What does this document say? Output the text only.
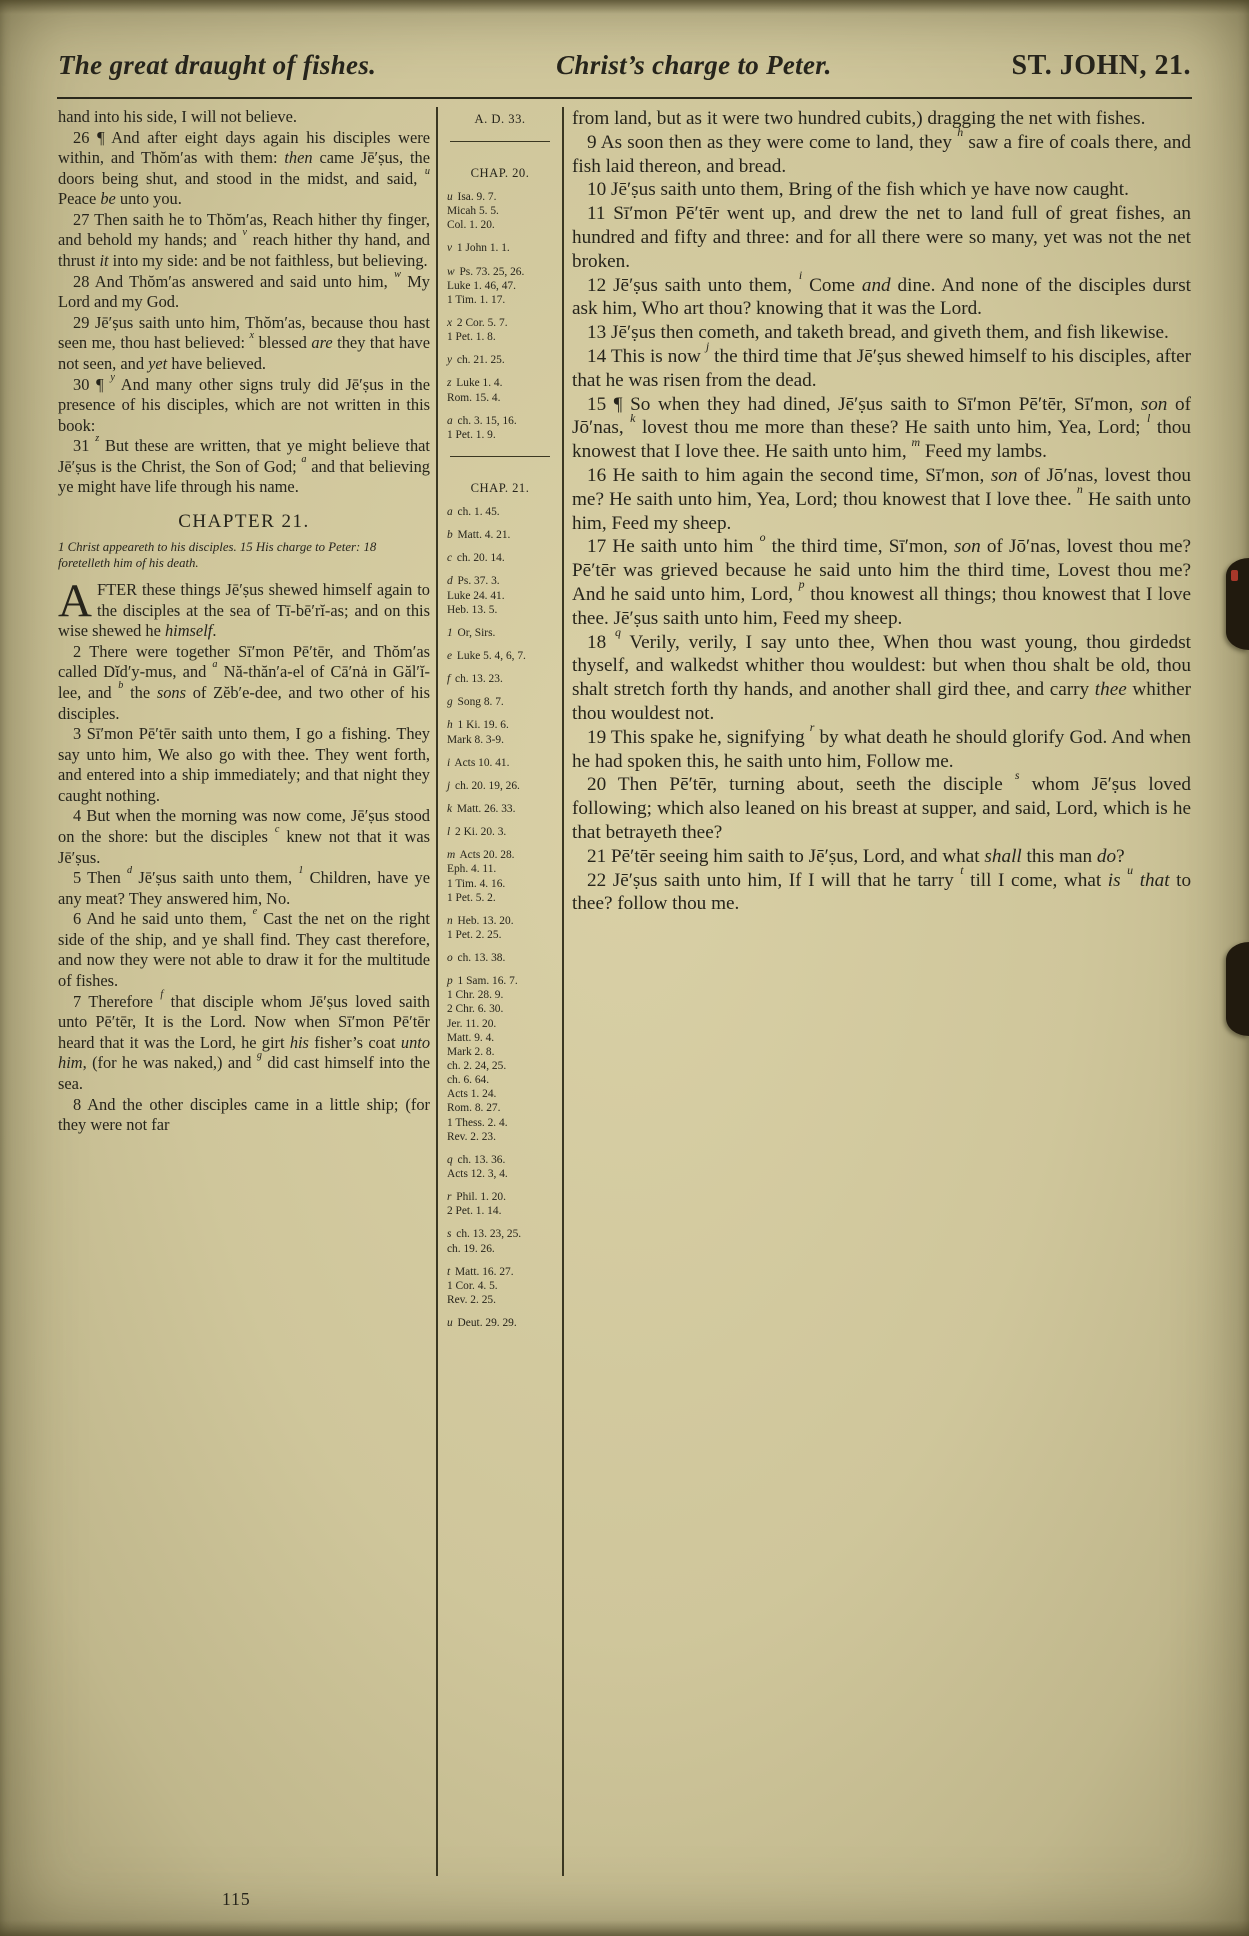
The great draught of fishes.	Christ’s charge to Peter.	ST. JOHN, 21.

hand into his side, I will not believe.

26 ¶ And after eight days again his disciples were within, and Thŏm′as with them: then came Jē′ṣus, the doors being shut, and stood in the midst, and said, $^u$ Peace be unto you.

27 Then saith he to Thŏm′as, Reach hither thy finger, and behold my hands; and $^v$ reach hither thy hand, and thrust it into my side: and be not faithless, but believing.

28 And Thŏm′as answered and said unto him, $^w$ My Lord and my God.

29 Jē′ṣus saith unto him, Thŏm′as, because thou hast seen me, thou hast believed: $^x$ blessed are they that have not seen, and yet have believed.

30 ¶ $^y$ And many other signs truly did Jē′ṣus in the presence of his disciples, which are not written in this book:

31 $^z$ But these are written, that ye might believe that Jē′ṣus is the Christ, the Son of God; $^a$ and that believing ye might have life through his name.

CHAPTER 21.

1 Christ appeareth to his disciples. 15 His charge to Peter: 18 foretelleth him of his death.

AFTER these things Jē′ṣus shewed himself again to the disciples at the sea of Tī-bē′rĭ-as; and on this wise shewed he himself.

2 There were together Sī′mon Pē′tēr, and Thŏm′as called Dĭd′y-mus, and $^a$ Nă-thăn′a-el of Cā′nȧ in Găl′ĭ-lee, and $^b$ the sons of Zĕb′e-dee, and two other of his disciples.

3 Sī′mon Pē′tēr saith unto them, I go a fishing. They say unto him, We also go with thee. They went forth, and entered into a ship immediately; and that night they caught nothing.

4 But when the morning was now come, Jē′ṣus stood on the shore: but the disciples $^c$ knew not that it was Jē′ṣus.

5 Then $^d$ Jē′ṣus saith unto them, $^1$ Children, have ye any meat? They answered him, No.

6 And he said unto them, $^e$ Cast the net on the right side of the ship, and ye shall find. They cast therefore, and now they were not able to draw it for the multitude of fishes.

7 Therefore $^f$ that disciple whom Jē′ṣus loved saith unto Pē′tēr, It is the Lord. Now when Sī′mon Pē′tēr heard that it was the Lord, he girt his fisher’s coat unto him, (for he was naked,) and $^g$ did cast himself into the sea.

8 And the other disciples came in a little ship; (for they were not far

A. D. 33.
CHAP. 20.

u Isa. 9. 7.
Micah 5. 5.
Col. 1. 20.

v 1 John 1. 1.

w Ps. 73. 25, 26.
Luke 1. 46, 47.
1 Tim. 1. 17.

x 2 Cor. 5. 7.
1 Pet. 1. 8.

y ch. 21. 25.

z Luke 1. 4.
Rom. 15. 4.

a ch. 3. 15, 16.
1 Pet. 1. 9.

CHAP. 21.

a ch. 1. 45.

b Matt. 4. 21.

c ch. 20. 14.

d Ps. 37. 3.
Luke 24. 41.
Heb. 13. 5.

1 Or, Sirs.

e Luke 5. 4, 6, 7.

f ch. 13. 23.

g Song 8. 7.

h 1 Ki. 19. 6.
Mark 8. 3-9.

i Acts 10. 41.

j ch. 20. 19, 26.

k Matt. 26. 33.

l 2 Ki. 20. 3.

m Acts 20. 28.
Eph. 4. 11.
1 Tim. 4. 16.
1 Pet. 5. 2.

n Heb. 13. 20.
1 Pet. 2. 25.

o ch. 13. 38.

p 1 Sam. 16. 7.
1 Chr. 28. 9.
2 Chr. 6. 30.
Jer. 11. 20.
Matt. 9. 4.
Mark 2. 8.
ch. 2. 24, 25.
ch. 6. 64.
Acts 1. 24.
Rom. 8. 27.
1 Thess. 2. 4.
Rev. 2. 23.

q ch. 13. 36.
Acts 12. 3, 4.

r Phil. 1. 20.
2 Pet. 1. 14.

s ch. 13. 23, 25.
ch. 19. 26.

t Matt. 16. 27.
1 Cor. 4. 5.
Rev. 2. 25.

u Deut. 29. 29.

from land, but as it were two hundred cubits,) dragging the net with fishes.

9 As soon then as they were come to land, they $^h$ saw a fire of coals there, and fish laid thereon, and bread.

10 Jē′ṣus saith unto them, Bring of the fish which ye have now caught.

11 Sī′mon Pē′tēr went up, and drew the net to land full of great fishes, an hundred and fifty and three: and for all there were so many, yet was not the net broken.

12 Jē′ṣus saith unto them, $^i$ Come and dine. And none of the disciples durst ask him, Who art thou? knowing that it was the Lord.

13 Jē′ṣus then cometh, and taketh bread, and giveth them, and fish likewise.

14 This is now $^j$ the third time that Jē′ṣus shewed himself to his disciples, after that he was risen from the dead.

15 ¶ So when they had dined, Jē′ṣus saith to Sī′mon Pē′tēr, Sī′mon, son of Jō′nas, $^k$ lovest thou me more than these? He saith unto him, Yea, Lord; $^l$ thou knowest that I love thee. He saith unto him, $^m$ Feed my lambs.

16 He saith to him again the second time, Sī′mon, son of Jō′nas, lovest thou me? He saith unto him, Yea, Lord; thou knowest that I love thee. $^n$ He saith unto him, Feed my sheep.

17 He saith unto him $^o$ the third time, Sī′mon, son of Jō′nas, lovest thou me? Pē′tēr was grieved because he said unto him the third time, Lovest thou me? And he said unto him, Lord, $^p$ thou knowest all things; thou knowest that I love thee. Jē′ṣus saith unto him, Feed my sheep.

18 $^q$ Verily, verily, I say unto thee, When thou wast young, thou girdedst thyself, and walkedst whither thou wouldest: but when thou shalt be old, thou shalt stretch forth thy hands, and another shall gird thee, and carry thee whither thou wouldest not.

19 This spake he, signifying $^r$ by what death he should glorify God. And when he had spoken this, he saith unto him, Follow me.

20 Then Pē′tēr, turning about, seeth the disciple $^s$ whom Jē′ṣus loved following; which also leaned on his breast at supper, and said, Lord, which is he that betrayeth thee?

21 Pē′tēr seeing him saith to Jē′ṣus, Lord, and what shall this man do?

22 Jē′ṣus saith unto him, If I will that he tarry $^t$ till I come, what is $^u$ that to thee? follow thou me.

115
